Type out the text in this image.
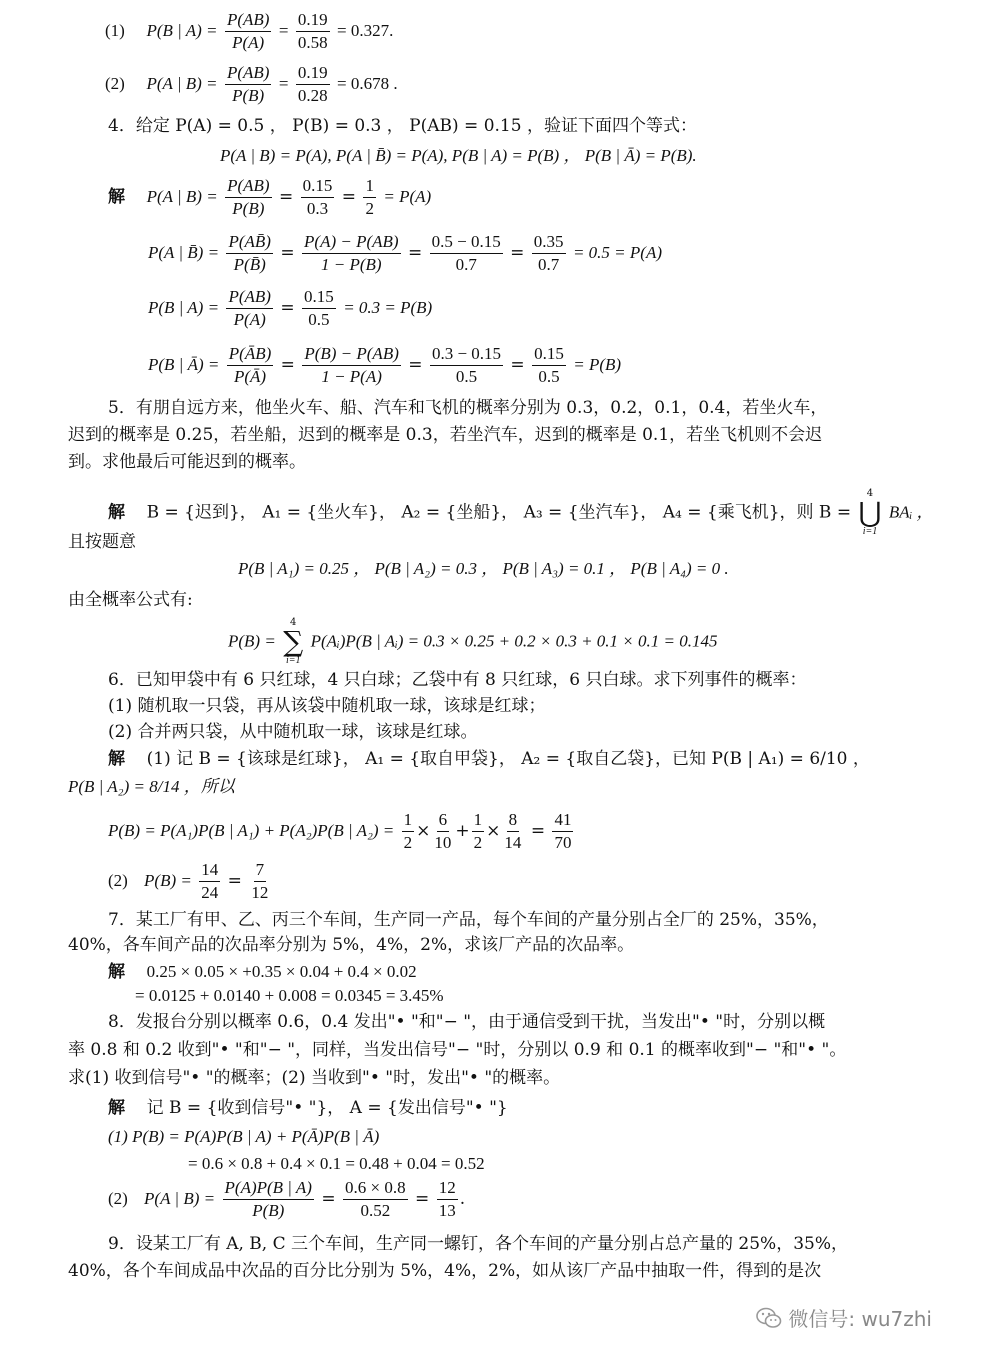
(1) P(B | $A) = \frac{P(AB)}{P(A)} = \frac{0.19}{0.58} = 0.327$.
(2) P(A | $B) = \frac{P(AB)}{P(B)} = \frac{0.19}{0.28} = 0.678$ .
4．给定 P(A) = 0.5 ， P(B) = 0.3 ， P(AB) = 0.15 ，验证下面四个等式：
P(A | B) = P(A), P(A | B̄) = P(A), P(B | A) = P(B) ， P(B | Ā) = P(B).
解 P(A | $B) = \frac{P(AB)}{P(B)} = \frac{0.15}{0.3} = \frac{1}{2} = P(A)$
P(A | B̄) = $\frac{P(AB̄)}{P(B̄)} = \frac{P(A) - P(AB)}{1 - P(B)} = \frac{0.5 - 0.15}{0.7} = \frac{0.35}{0.7} = 0.5 = P(A)$
P(B | $A) = \frac{P(AB)}{P(A)} = \frac{0.15}{0.5} = 0.3 = P(B)$
P(B | Ā) = $\frac{P(ĀB)}{P(Ā)} = \frac{P(B) - P(AB)}{1 - P(A)} = \frac{0.3 - 0.15}{0.5} = \frac{0.15}{0.5} = P(B)$
5．有朋自远方来，他坐火车、船、汽车和飞机的概率分别为 0.3，0.2，0.1，0.4，若坐火车，
迟到的概率是 0.25，若坐船，迟到的概率是 0.3，若坐汽车，迟到的概率是 0.1，若坐飞机则不会迟
到。求他最后可能迟到的概率。
解 B = {迟到}， A₁ = {坐火车}， A₂ = {坐船}， A₃ = {坐汽车}， A₄ = {乘飞机}，则 B =
4
⋃
i=1
BAᵢ ，
且按题意
P(B | A₁) = 0.25 ， P(B | A₂) = 0.3 ， P(B | A₃) = 0.1 ， P(B | A₄) = 0 .
由全概率公式有:
P(B) =
4
∑
i=1
P(Aᵢ)P(B | Aᵢ) = 0.3 × 0.25 + 0.2 × 0.3 + 0.1 × 0.1 = 0.145
6．已知甲袋中有 6 只红球，4 只白球；乙袋中有 8 只红球，6 只白球。求下列事件的概率：
(1) 随机取一只袋，再从该袋中随机取一球，该球是红球；
(2) 合并两只袋，从中随机取一球，该球是红球。
解 (1) 记 B = {该球是红球}， A₁ = {取自甲袋}， A₂ = {取自乙袋}，已知 P(B | A₁) = 6/10 ，
P(B | A₂) = 8/14 ，所以
P(B) = P(A₁)P(B | A₁) + P(A₂)P(B | $A_2) = \frac{1}{2} \times \frac{6}{10} + \frac{1}{2} \times \frac{8}{14} = \frac{41}{70}$
(2) $P(B) = \frac{14}{24} = \frac{7}{12}$
7．某工厂有甲、乙、丙三个车间，生产同一产品，每个车间的产量分别占全厂的 25%，35%，
40%，各车间产品的次品率分别为 5%，4%，2%，求该厂产品的次品率。
解 0.25 × 0.05 × +0.35 × 0.04 + 0.4 × 0.02
= 0.0125 + 0.0140 + 0.008 = 0.0345 = 3.45%
8．发报台分别以概率 0.6，0.4 发出"• "和"− "，由于通信受到干扰，当发出"• "时，分别以概
率 0.8 和 0.2 收到"• "和"− "，同样，当发出信号"− "时，分别以 0.9 和 0.1 的概率收到"− "和"• "。
求(1) 收到信号"• "的概率；(2) 当收到"• "时，发出"• "的概率。
解 记 B = {收到信号"• "}， A = {发出信号"• "}
(1) P(B) = P(A)P(B | A) + P(Ā)P(B | Ā)
= 0.6 × 0.8 + 0.4 × 0.1 = 0.48 + 0.04 = 0.52
(2) P(A | $B) = \frac{P(A)P(B | A)}{P(B)} = \frac{0.6 \times 0.8}{0.52} = \frac{12}{13}$ .
9．设某工厂有 A, B, C 三个车间，生产同一螺钉，各个车间的产量分别占总产量的 25%，35%，
40%，各个车间成品中次品的百分比分别为 5%，4%，2%，如从该厂产品中抽取一件，得到的是次
微信号: wu7zhi
